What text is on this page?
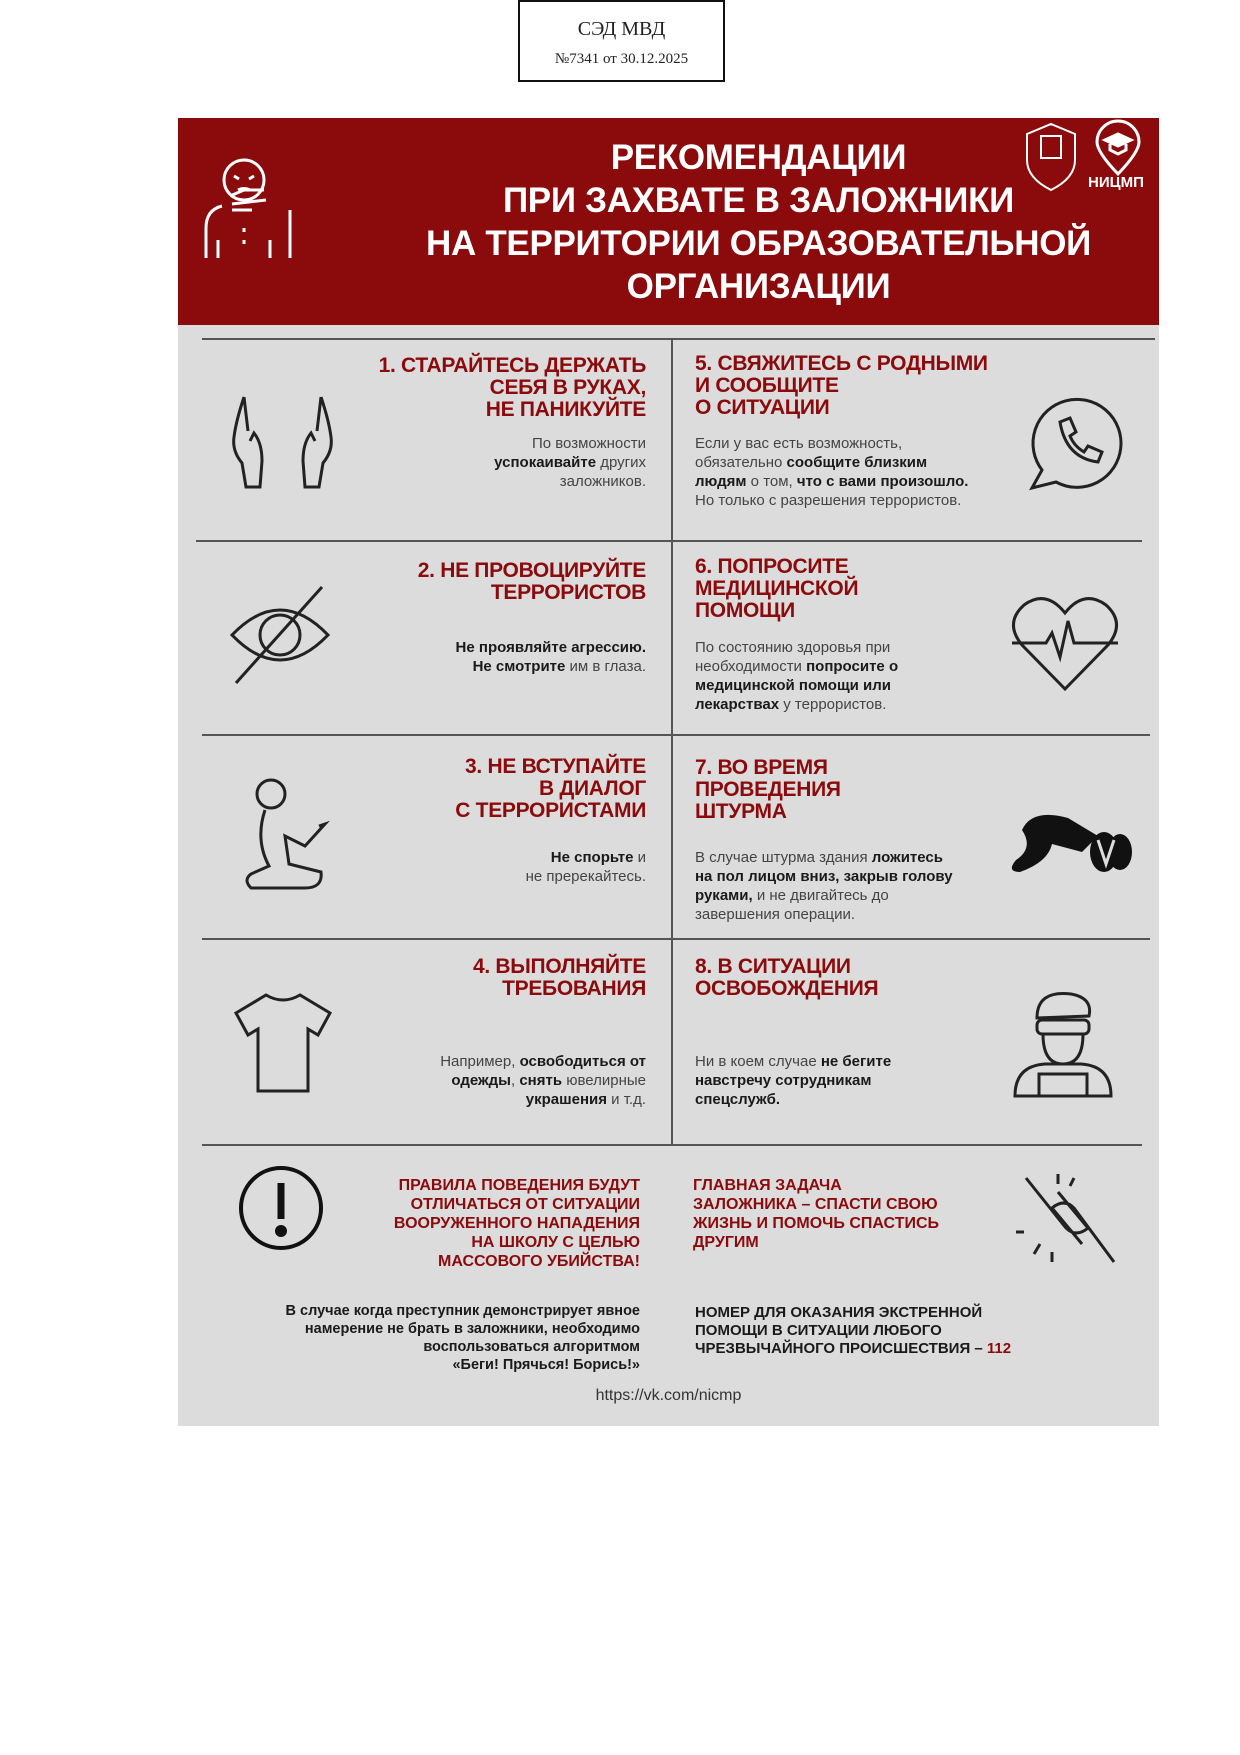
СЭД МВД
№7341 от 30.12.2025
РЕКОМЕНДАЦИИ
ПРИ ЗАХВАТЕ В ЗАЛОЖНИКИ
НА ТЕРРИТОРИИ ОБРАЗОВАТЕЛЬНОЙ
ОРГАНИЗАЦИИ
НИЦМП
1. СТАРАЙТЕСЬ ДЕРЖАТЬ
СЕБЯ В РУКАХ,
НЕ ПАНИКУЙТЕ
По возможности
успокаивайте других
заложников.
2. НЕ ПРОВОЦИРУЙТЕ
ТЕРРОРИСТОВ
Не проявляйте агрессию.
Не смотрите им в глаза.
3. НЕ ВСТУПАЙТЕ
В ДИАЛОГ
С ТЕРРОРИСТАМИ
Не спорьте и
не пререкайтесь.
4. ВЫПОЛНЯЙТЕ
ТРЕБОВАНИЯ
Например, освободиться от
одежды, снять ювелирные
украшения и т.д.
5. СВЯЖИТЕСЬ С РОДНЫМИ
И СООБЩИТЕ
О СИТУАЦИИ
Если у вас есть возможность,
обязательно сообщите близким
людям о том, что с вами произошло.
Но только с разрешения террористов.
6. ПОПРОСИТЕ
МЕДИЦИНСКОЙ
ПОМОЩИ
По состоянию здоровья при
необходимости попросите о
медицинской помощи или
лекарствах у террористов.
7. ВО ВРЕМЯ
ПРОВЕДЕНИЯ
ШТУРМА
В случае штурма здания ложитесь
на пол лицом вниз, закрыв голову
руками, и не двигайтесь до
завершения операции.
8. В СИТУАЦИИ
ОСВОБОЖДЕНИЯ
Ни в коем случае не бегите
навстречу сотрудникам
спецслужб.
ПРАВИЛА ПОВЕДЕНИЯ БУДУТ
ОТЛИЧАТЬСЯ ОТ СИТУАЦИИ
ВООРУЖЕННОГО НАПАДЕНИЯ
НА ШКОЛУ С ЦЕЛЬЮ
МАССОВОГО УБИЙСТВА!
ГЛАВНАЯ ЗАДАЧА
ЗАЛОЖНИКА – СПАСТИ СВОЮ
ЖИЗНЬ И ПОМОЧЬ СПАСТИСЬ
ДРУГИМ
В случае когда преступник демонстрирует явное
намерение не брать в заложники, необходимо
воспользоваться алгоритмом
«Беги! Прячься! Борись!»
НОМЕР ДЛЯ ОКАЗАНИЯ ЭКСТРЕННОЙ
ПОМОЩИ В СИТУАЦИИ ЛЮБОГО
ЧРЕЗВЫЧАЙНОГО ПРОИСШЕСТВИЯ – 112
https://vk.com/nicmp
